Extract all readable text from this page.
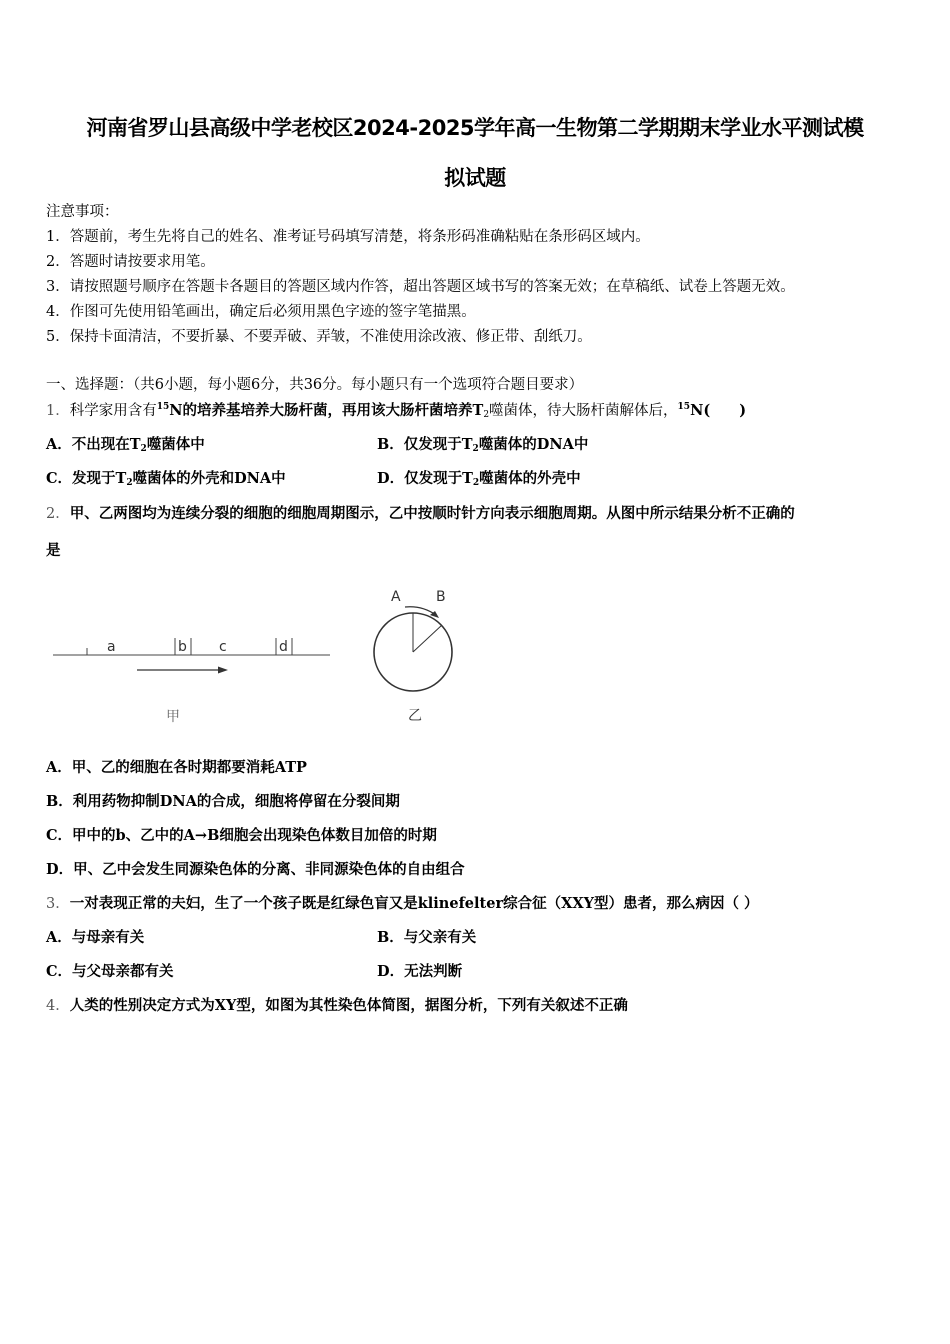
河南省罗山县高级中学老校区2024-2025学年高一生物第二学期期末学业水平测试模
拟试题
注意事项：
1．答题前，考生先将自己的姓名、准考证号码填写清楚，将条形码准确粘贴在条形码区域内。
2．答题时请按要求用笔。
3．请按照题号顺序在答题卡各题目的答题区域内作答，超出答题区域书写的答案无效；在草稿纸、试卷上答题无效。
4．作图可先使用铅笔画出，确定后必须用黑色字迹的签字笔描黑。
5．保持卡面清洁，不要折暴、不要弄破、弄皱，不准使用涂改液、修正带、刮纸刀。
一、选择题：（共6小题，每小题6分，共36分。每小题只有一个选项符合题目要求）
1．科学家用含有$^{15}$N的培养基培养大肠杆菌，再用该大肠杆菌培养$T_2$噬菌体，待大肠杆菌解体后，$^{15}$N(　　)
A．不出现在$T_2$噬菌体中	B．仅发现于$T_2$噬菌体的DNA中
C．发现于$T_2$噬菌体的外壳和DNA中	D．仅发现于$T_2$噬菌体的外壳中
2．甲、乙两图均为连续分裂的细胞的细胞周期图示，乙中按顺时针方向表示细胞周期。从图中所示结果分析不正确的
是
a	b c	d
甲
A	B
乙
A．甲、乙的细胞在各时期都要消耗ATP
B．利用药物抑制DNA的合成，细胞将停留在分裂间期
C．甲中的b、乙中的A→B细胞会出现染色体数目加倍的时期
D．甲、乙中会发生同源染色体的分离、非同源染色体的自由组合
3．一对表现正常的夫妇，生了一个孩子既是红绿色盲又是klinefelter综合征（XXY型）患者，那么病因（ ）
A．与母亲有关	B．与父亲有关
C．与父母亲都有关	D．无法判断
4．人类的性别决定方式为XY型，如图为其性染色体简图，据图分析，下列有关叙述不正确
